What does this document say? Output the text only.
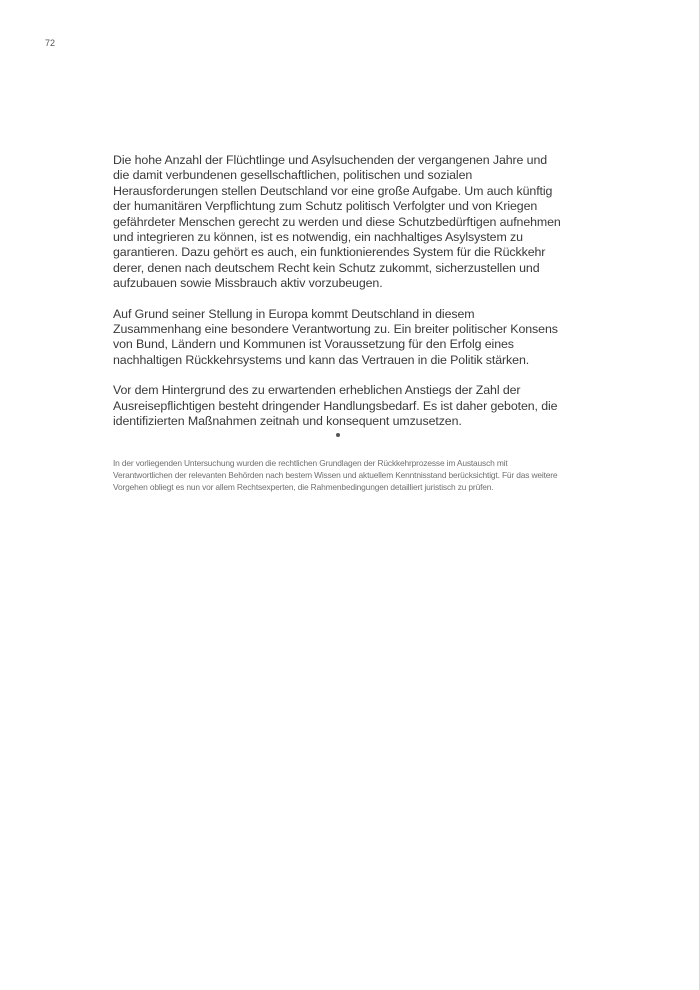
72

Die hohe Anzahl der Flüchtlinge und Asylsuchenden der vergangenen Jahre und die damit verbundenen gesellschaftlichen, politischen und sozialen Herausforderungen stellen Deutschland vor eine große Aufgabe. Um auch künftig der humanitären Verpflichtung zum Schutz politisch Verfolgter und von Kriegen gefährdeter Menschen gerecht zu werden und diese Schutzbedürftigen aufnehmen und integrieren zu können, ist es notwendig, ein nachhaltiges Asylsystem zu garantieren. Dazu gehört es auch, ein funktionierendes System für die Rückkehr derer, denen nach deutschem Recht kein Schutz zukommt, sicherzustellen und aufzubauen sowie Missbrauch aktiv vorzubeugen.

Auf Grund seiner Stellung in Europa kommt Deutschland in diesem Zusammenhang eine besondere Verantwortung zu. Ein breiter politischer Konsens von Bund, Ländern und Kommunen ist Voraussetzung für den Erfolg eines nachhaltigen Rückkehrsystems und kann das Vertrauen in die Politik stärken.

Vor dem Hintergrund des zu erwartenden erheblichen Anstiegs der Zahl der Ausreisepflichtigen besteht dringender Handlungsbedarf. Es ist daher geboten, die identifizierten Maßnahmen zeitnah und konsequent umzusetzen.

In der vorliegenden Untersuchung wurden die rechtlichen Grundlagen der Rückkehrprozesse im Austausch mit Verantwortlichen der relevanten Behörden nach bestem Wissen und aktuellem Kenntnisstand berücksichtigt. Für das weitere Vorgehen obliegt es nun vor allem Rechtsexperten, die Rahmenbedingungen detailliert juristisch zu prüfen.
